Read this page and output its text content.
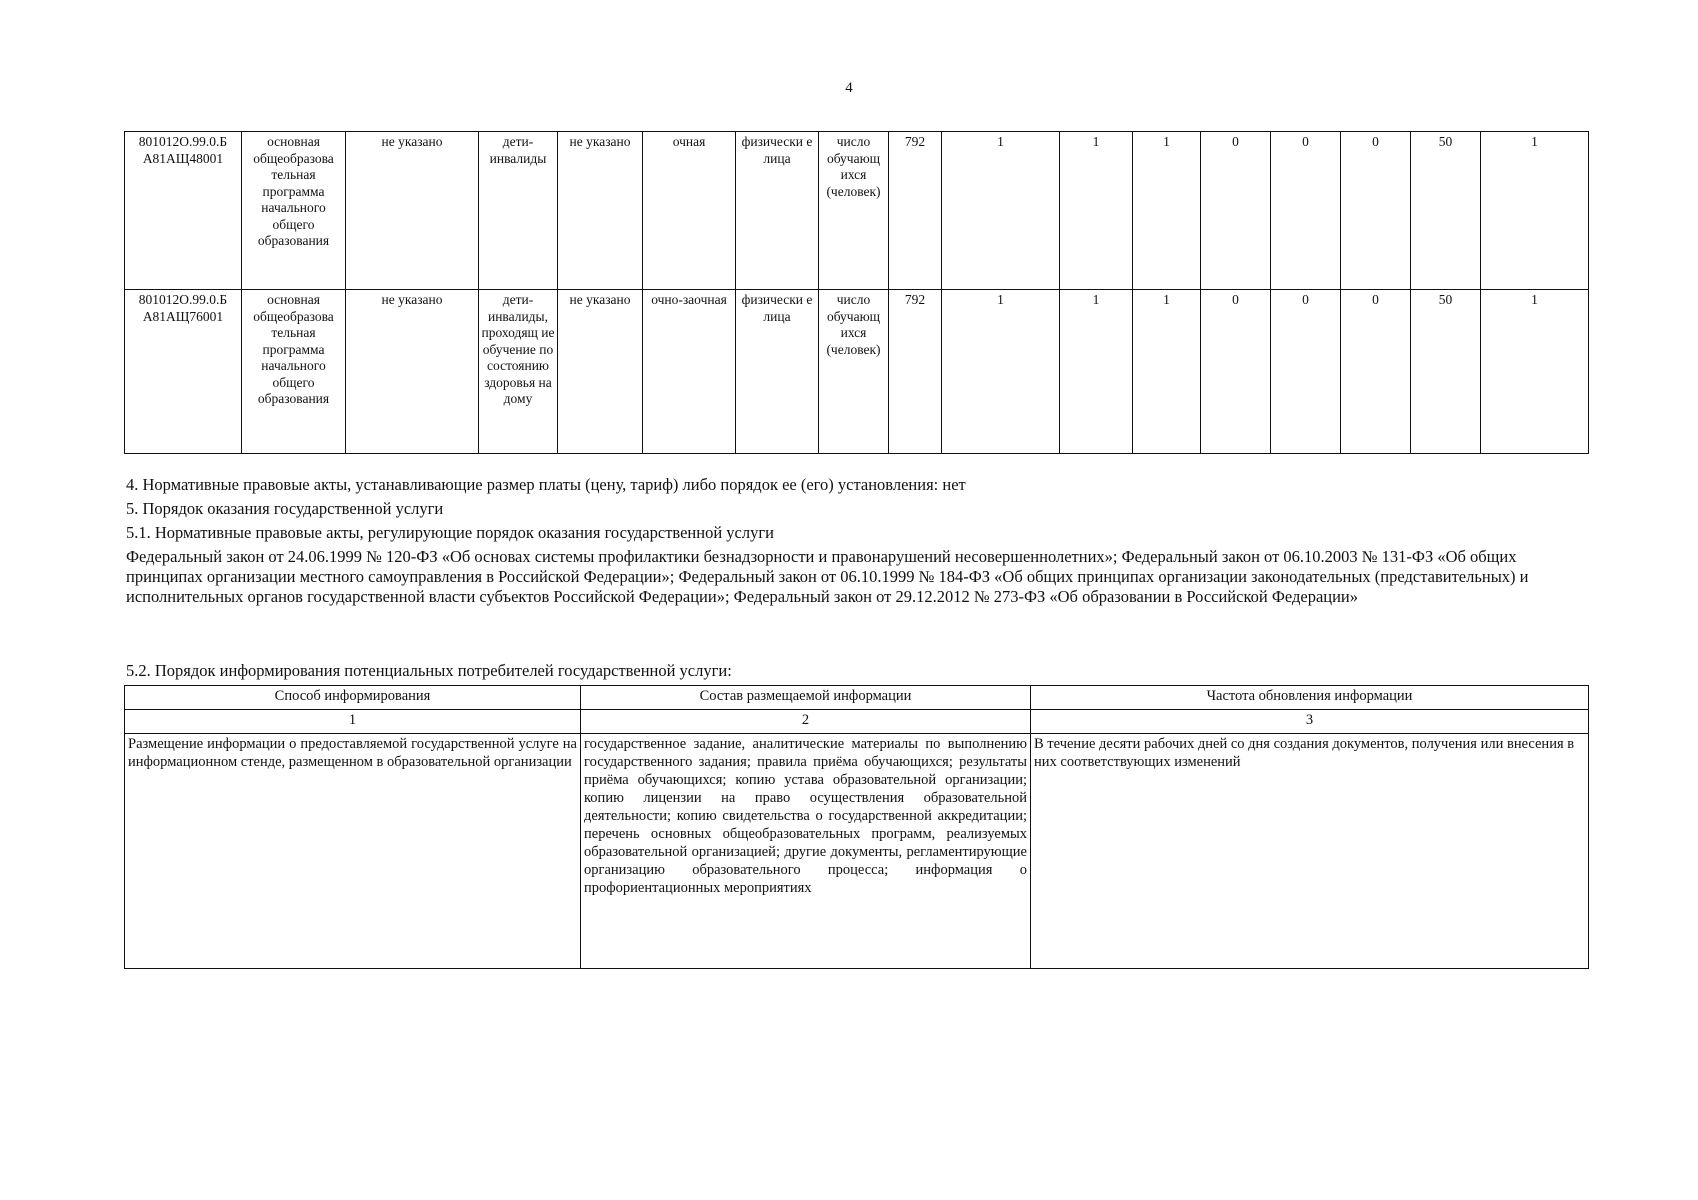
4
801012О.99.0.Б
А81АЩ48001	основная общеобразова тельная программа начального общего образования	не указано	дети-инвалиды	не указано	очная	физически е лица	число обучающ ихся (человек)	792	1	1	1	0	0	0	50	1

801012О.99.0.Б
А81АЩ76001	основная общеобразова тельная программа начального общего образования	не указано	дети-инвалиды, проходящ ие обучение по состоянию здоровья на дому	не указано	очно-заочная	физически е лица	число обучающ ихся (человек)	792	1	1	1	0	0	0	50	1
4. Нормативные правовые акты, устанавливающие размер платы (цену, тариф) либо порядок ее (его) установления: нет
5. Порядок оказания государственной услуги
5.1. Нормативные правовые акты, регулирующие порядок оказания государственной услуги
Федеральный закон от 24.06.1999 № 120-ФЗ «Об основах системы профилактики безнадзорности и правонарушений несовершеннолетних»; Федеральный закон от 06.10.2003 № 131-ФЗ «Об общих принципах организации местного самоуправления в Российской Федерации»; Федеральный закон от 06.10.1999 № 184-ФЗ «Об общих принципах организации законодательных (представительных) и исполнительных органов государственной власти субъектов Российской Федерации»; Федеральный закон от 29.12.2012 № 273-ФЗ «Об образовании в Российской Федерации»
5.2. Порядок информирования потенциальных потребителей государственной услуги:
Способ информирования	Состав размещаемой информации	Частота обновления информации
1	2	3
Размещение информации о предоставляемой государственной услуге на информационном стенде, размещенном в образовательной организации	государственное задание, аналитические материалы по выполнению государственного задания; правила приёма обучающихся; результаты приёма обучающихся; копию устава образовательной организации; копию лицензии на право осуществления образовательной деятельности; копию свидетельства о государственной аккредитации; перечень основных общеобразовательных программ, реализуемых образовательной организацией; другие документы, регламентирующие организацию образовательного процесса; информация о профориентационных мероприятиях	В течение десяти рабочих дней со дня создания документов, получения или внесения в них соответствующих изменений
